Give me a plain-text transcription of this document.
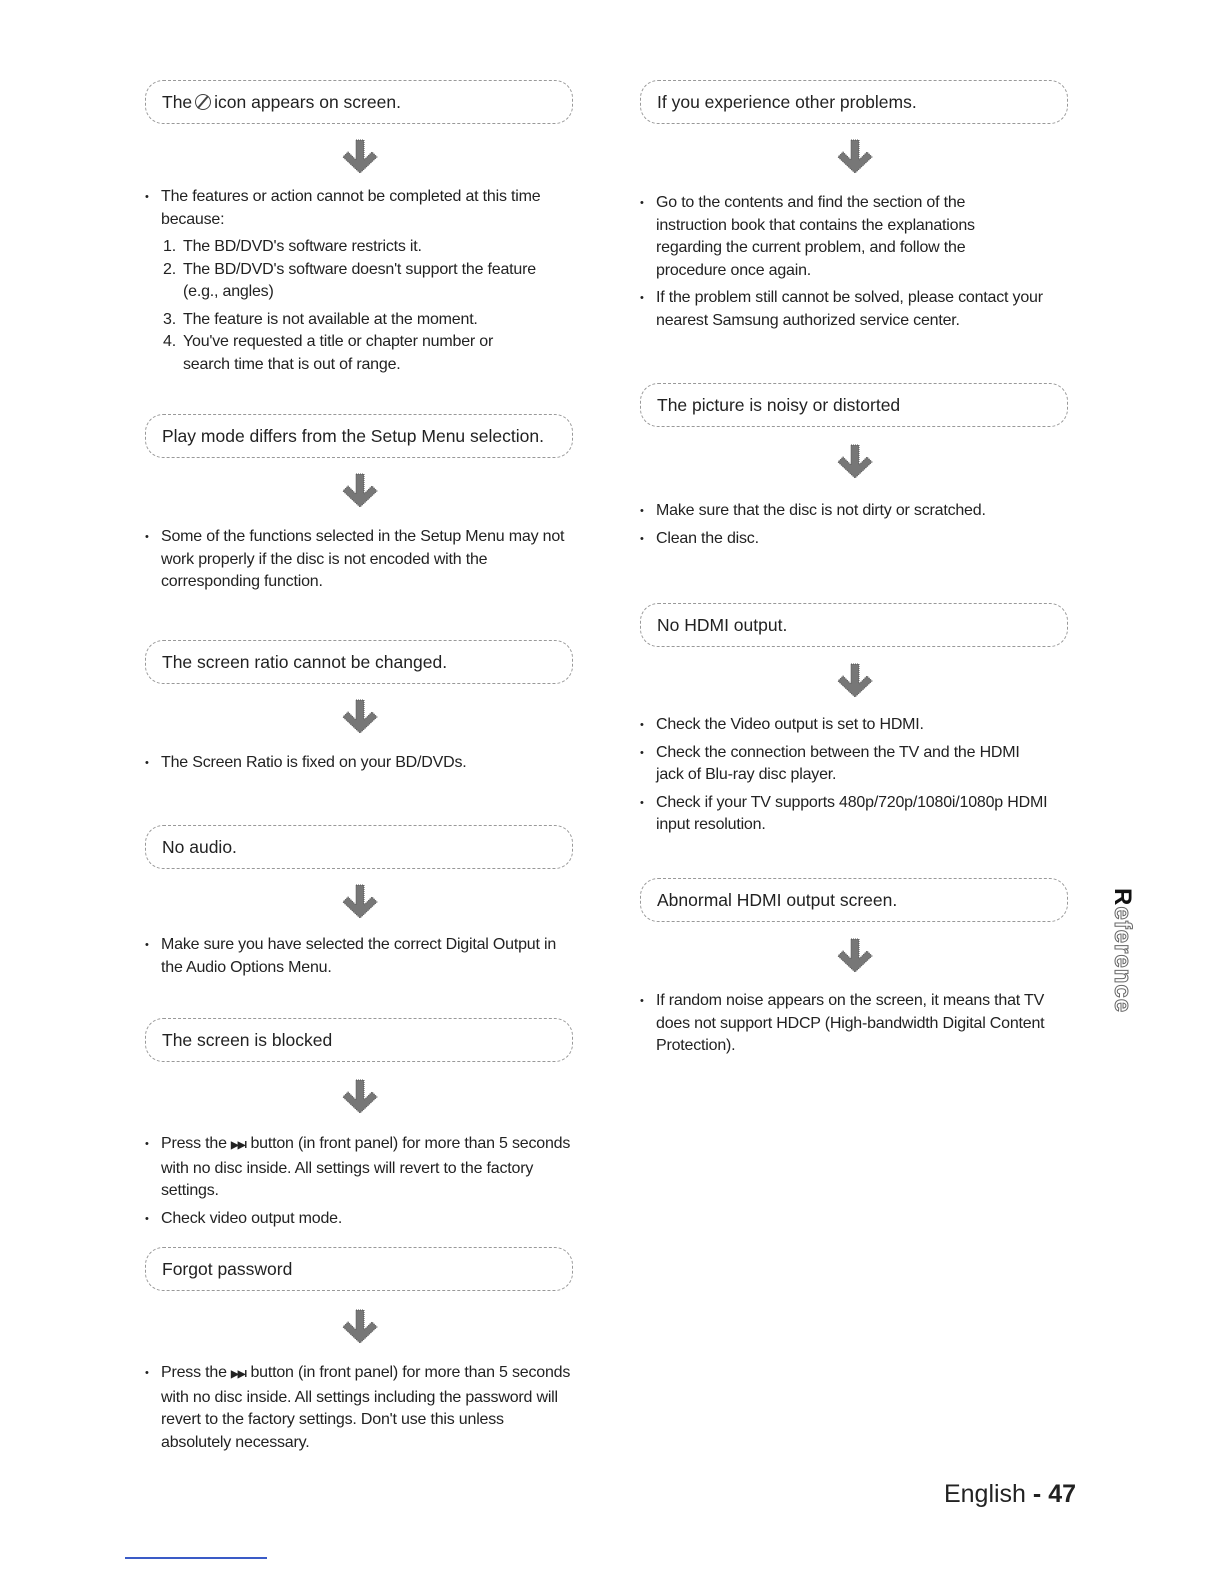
The icon appears on screen.
• The features or action cannot be completed at this time because:
1. The BD/DVD's software restricts it.
2. The BD/DVD's software doesn't support the feature (e.g., angles)
3. The feature is not available at the moment.
4. You've requested a title or chapter number or search time that is out of range.
Play mode differs from the Setup Menu selection.
• Some of the functions selected in the Setup Menu may not work properly if the disc is not encoded with the corresponding function.
The screen ratio cannot be changed.
• The Screen Ratio is fixed on your BD/DVDs.
No audio.
• Make sure you have selected the correct Digital Output in the Audio Options Menu.
The screen is blocked
• Press the ▶▶I button (in front panel) for more than 5 seconds with no disc inside. All settings will revert to the factory settings.
• Check video output mode.
Forgot password
• Press the ▶▶I button (in front panel) for more than 5 seconds with no disc inside. All settings including the password will revert to the factory settings. Don't use this unless absolutely necessary.
If you experience other problems.
• Go to the contents and find the section of the instruction book that contains the explanations regarding the current problem, and follow the procedure once again.
• If the problem still cannot be solved, please contact your nearest Samsung authorized service center.
The picture is noisy or distorted
• Make sure that the disc is not dirty or scratched.
• Clean the disc.
No HDMI output.
• Check the Video output is set to HDMI.
• Check the connection between the TV and the HDMI jack of Blu-ray disc player.
• Check if your TV supports 480p/720p/1080i/1080p HDMI input resolution.
Abnormal HDMI output screen.
• If random noise appears on the screen, it means that TV does not support HDCP (High-bandwidth Digital Content Protection).
Reference
English - 47
